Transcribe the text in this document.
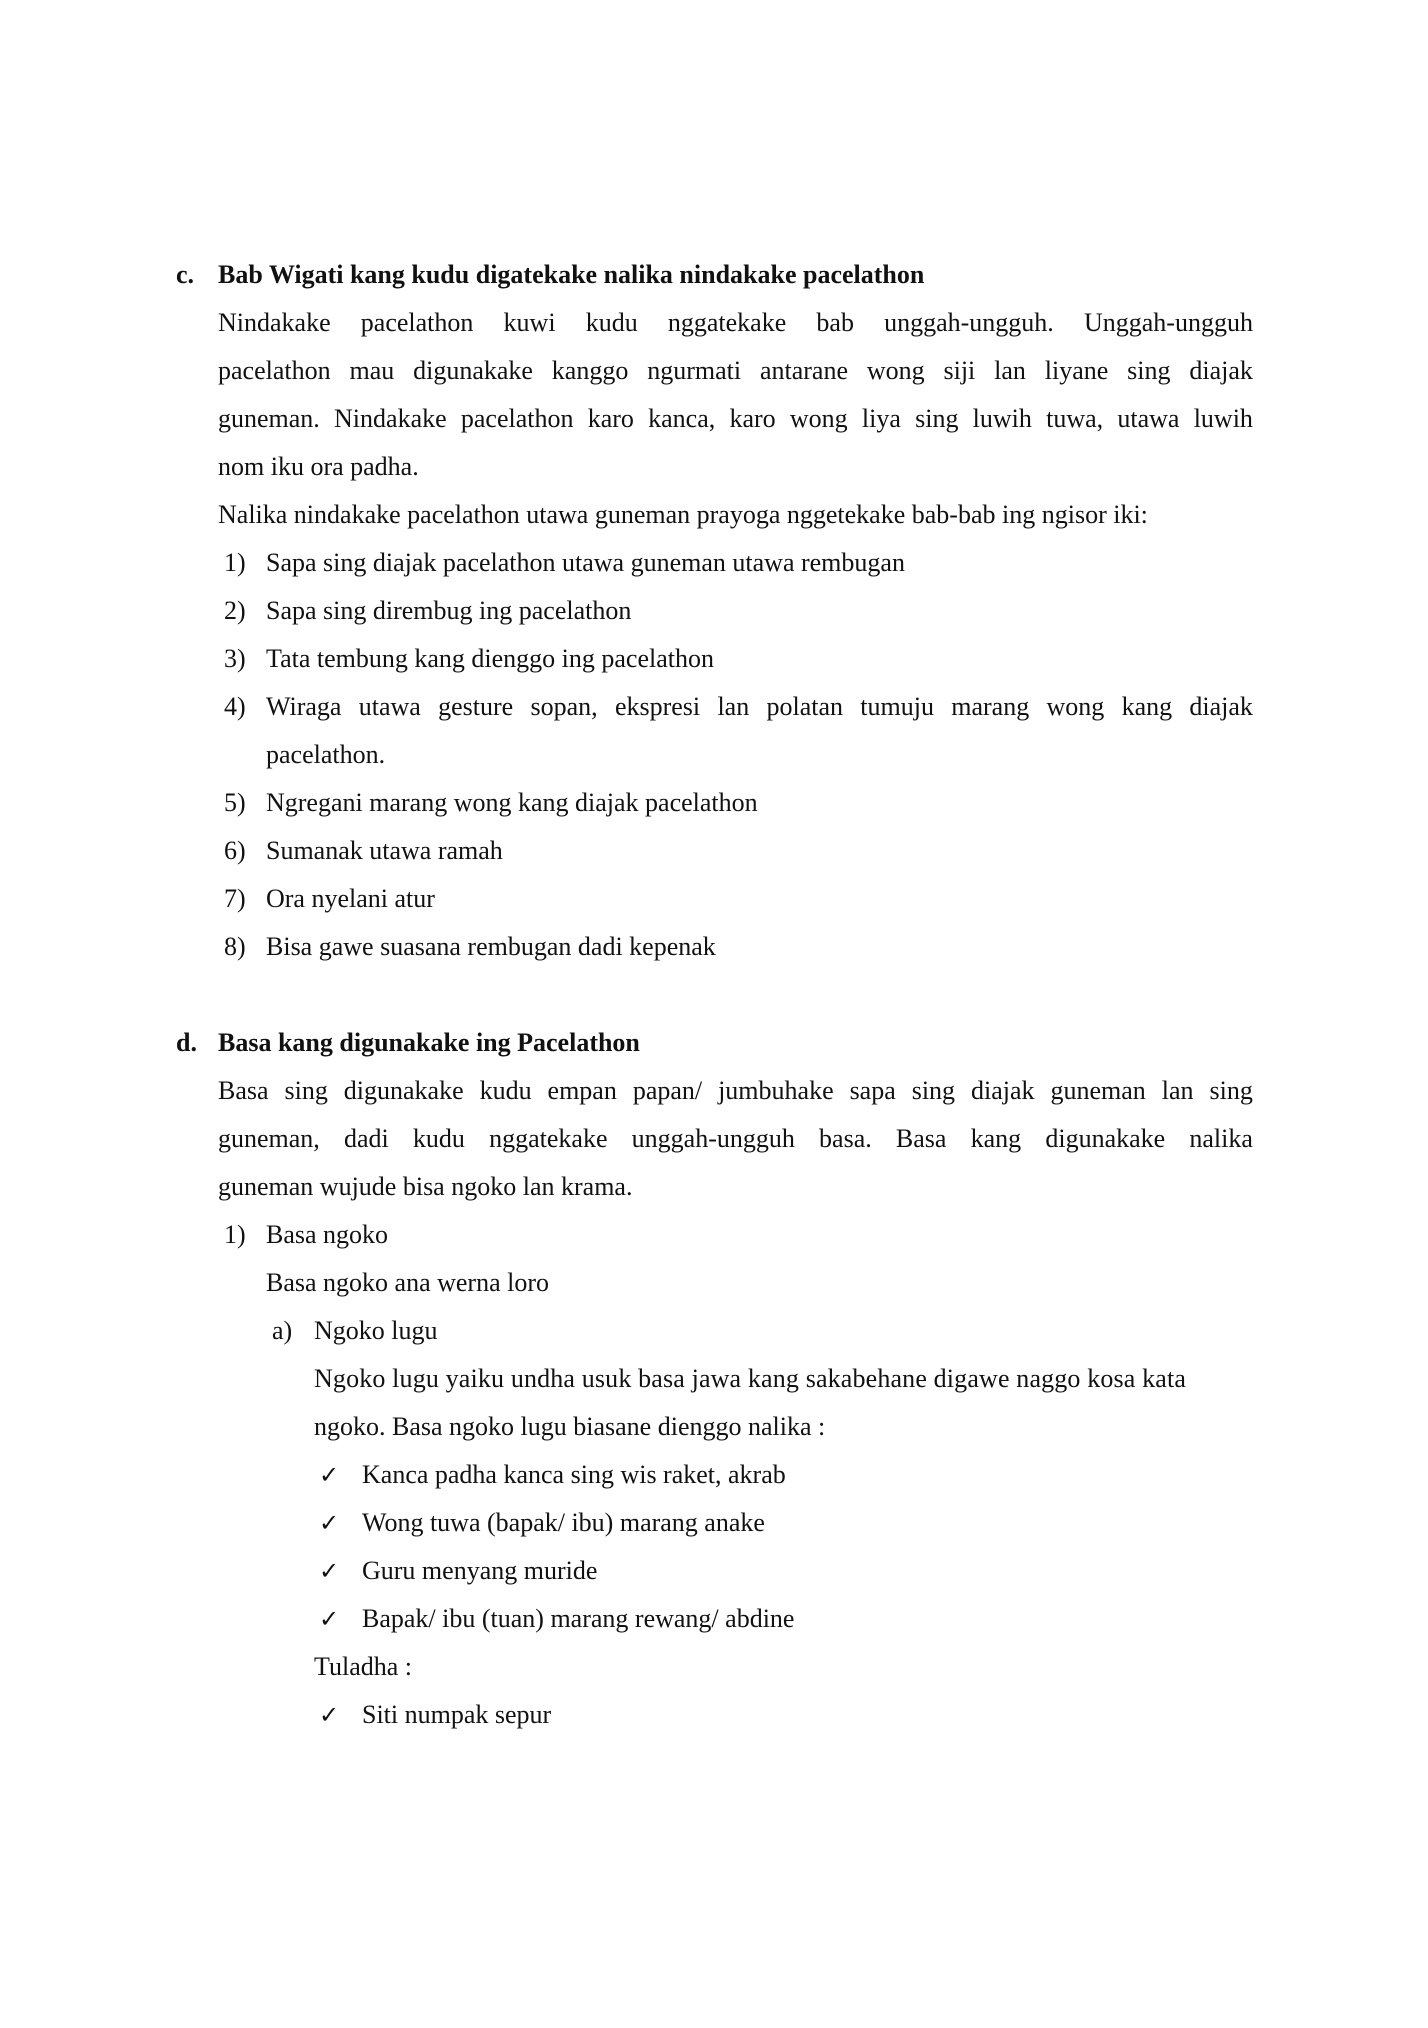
c. Bab Wigati kang kudu digatekake nalika nindakake pacelathon
Nindakake pacelathon kuwi kudu nggatekake bab unggah-ungguh. Unggah-ungguh
pacelathon mau digunakake kanggo ngurmati antarane wong siji lan liyane sing diajak
guneman. Nindakake pacelathon karo kanca, karo wong liya sing luwih tuwa, utawa luwih
nom iku ora padha.
Nalika nindakake pacelathon utawa guneman prayoga nggetekake bab-bab ing ngisor iki:
1) Sapa sing diajak pacelathon utawa guneman utawa rembugan
2) Sapa sing dirembug ing pacelathon
3) Tata tembung kang dienggo ing pacelathon
4) Wiraga utawa gesture sopan, ekspresi lan polatan tumuju marang wong kang diajak
pacelathon.
5) Ngregani marang wong kang diajak pacelathon
6) Sumanak utawa ramah
7) Ora nyelani atur
8) Bisa gawe suasana rembugan dadi kepenak
d. Basa kang digunakake ing Pacelathon
Basa sing digunakake kudu empan papan/ jumbuhake sapa sing diajak guneman lan sing
guneman, dadi kudu nggatekake unggah-ungguh basa. Basa kang digunakake nalika
guneman wujude bisa ngoko lan krama.
1) Basa ngoko
Basa ngoko ana werna loro
a) Ngoko lugu
Ngoko lugu yaiku undha usuk basa jawa kang sakabehane digawe naggo kosa kata
ngoko. Basa ngoko lugu biasane dienggo nalika :
✓ Kanca padha kanca sing wis raket, akrab
✓ Wong tuwa (bapak/ ibu) marang anake
✓ Guru menyang muride
✓ Bapak/ ibu (tuan) marang rewang/ abdine
Tuladha :
✓ Siti numpak sepur
